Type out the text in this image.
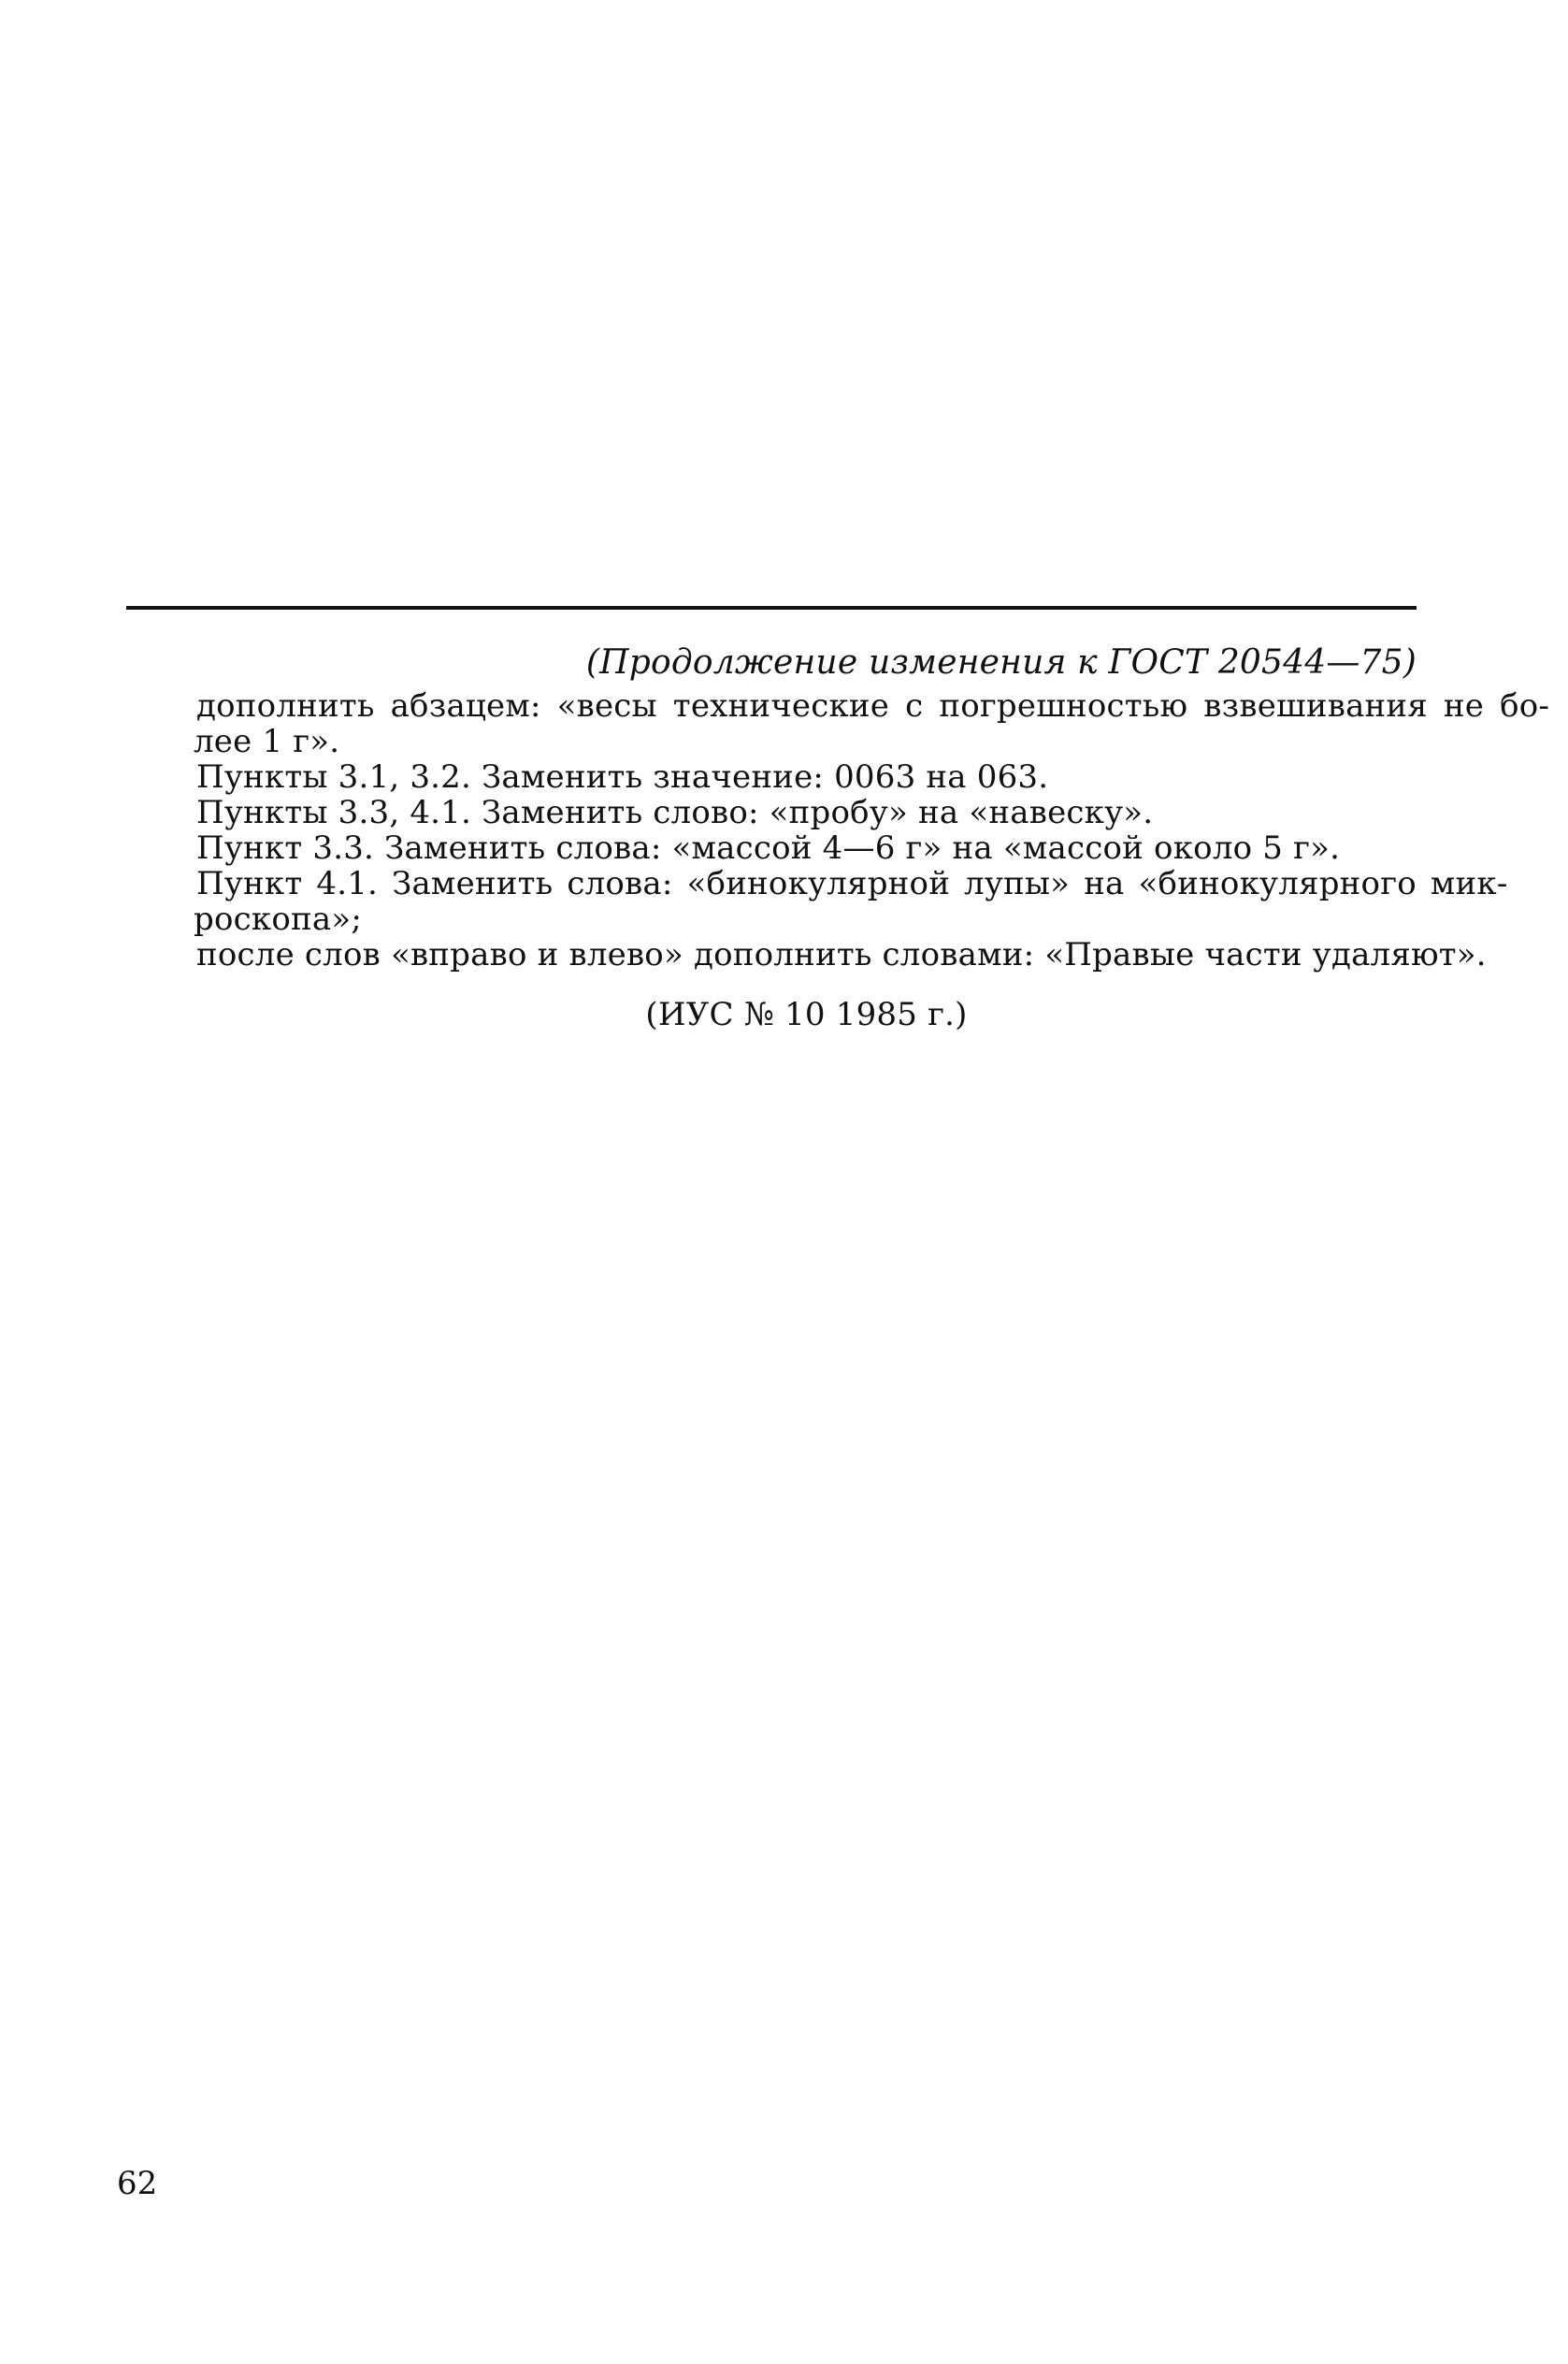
(Продолжение изменения к ГОСТ 20544—75)
дополнить абзацем: «весы технические с погрешностью взвешивания не бо-
лее 1 г».
Пункты 3.1, 3.2. Заменить значение: 0063 на 063.
Пункты 3.3, 4.1. Заменить слово: «пробу» на «навеску».
Пункт 3.3. Заменить слова: «массой 4—6 г» на «массой около 5 г».
Пункт 4.1. Заменить слова: «бинокулярной лупы» на «бинокулярного мик-
роскопа»;
после слов «вправо и влево» дополнить словами: «Правые части удаляют».
(ИУС № 10 1985 г.)
62
